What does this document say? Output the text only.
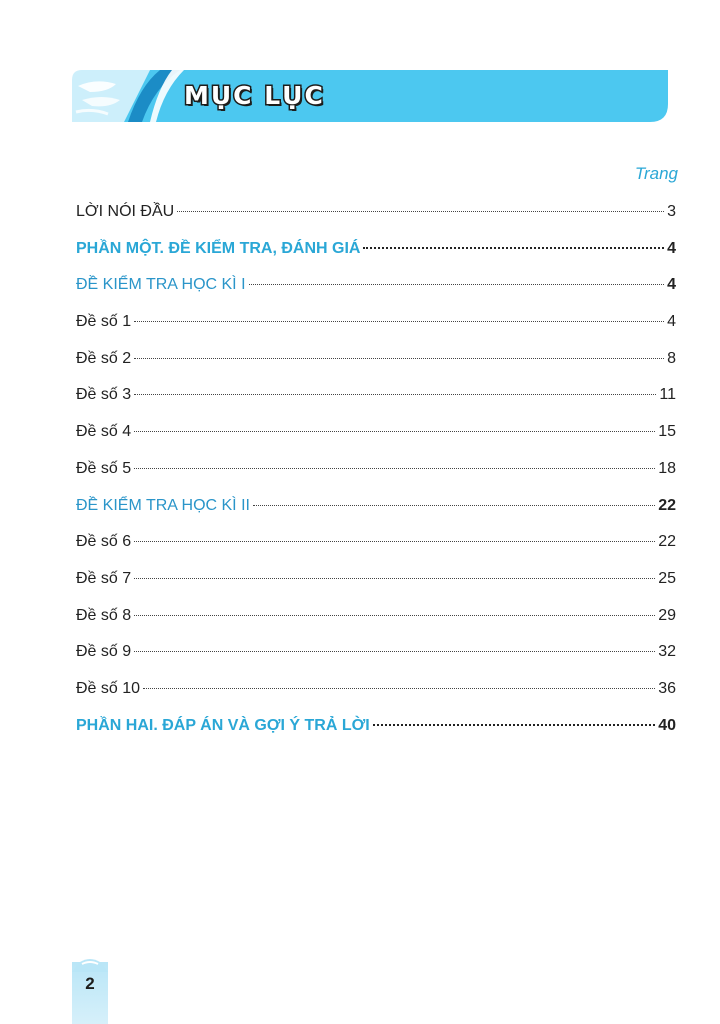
MỤC LỤC
Trang
LỜI NÓI ĐẦU	3
PHẦN MỘT. ĐỀ KIỂM TRA, ĐÁNH GIÁ	4
ĐỀ KIỂM TRA HỌC KÌ I	4
Đề số 1	4
Đề số 2	8
Đề số 3	11
Đề số 4	15
Đề số 5	18
ĐỀ KIỂM TRA HỌC KÌ II	22
Đề số 6	22
Đề số 7	25
Đề số 8	29
Đề số 9	32
Đề số 10	36
PHẦN HAI. ĐÁP ÁN VÀ GỢI Ý TRẢ LỜI	40
2
